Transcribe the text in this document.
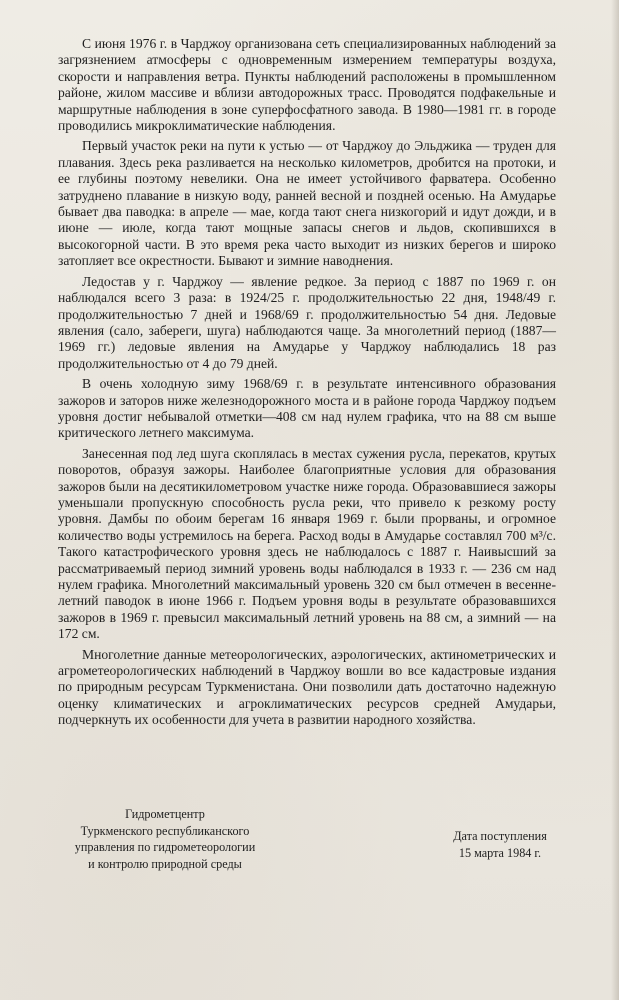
С июня 1976 г. в Чарджоу организована сеть специализированных наблюдений за загрязнением атмосферы с одновременным измерением температуры воздуха, скорости и направления ветра. Пункты наблюдений расположены в промышленном районе, жилом массиве и вблизи автодорожных трасс. Проводятся подфакельные и маршрутные наблюдения в зоне суперфосфатного завода. В 1980—1981 гг. в городе проводились микроклиматические наблюдения.

Первый участок реки на пути к устью — от Чарджоу до Эльджика — труден для плавания. Здесь река разливается на несколько километров, дробится на протоки, и ее глубины поэтому невелики. Она не имеет устойчивого фарватера. Особенно затруднено плавание в низкую воду, ранней весной и поздней осенью. На Амударье бывает два паводка: в апреле — мае, когда тают снега низкогорий и идут дожди, и в июне — июле, когда тают мощные запасы снегов и льдов, скопившихся в высокогорной части. В это время река часто выходит из низких берегов и широко затопляет все окрестности. Бывают и зимние наводнения.

Ледостав у г. Чарджоу — явление редкое. За период с 1887 по 1969 г. он наблюдался всего 3 раза: в 1924/25 г. продолжительностью 22 дня, 1948/49 г. продолжительностью 7 дней и 1968/69 г. продолжительностью 54 дня. Ледовые явления (сало, забереги, шуга) наблюдаются чаще. За многолетний период (1887—1969 гг.) ледовые явления на Амударье у Чарджоу наблюдались 18 раз продолжительностью от 4 до 79 дней.

В очень холодную зиму 1968/69 г. в результате интенсивного образования зажоров и заторов ниже железнодорожного моста и в районе города Чарджоу подъем уровня достиг небывалой отметки—408 см над нулем графика, что на 88 см выше критического летнего максимума.

Занесенная под лед шуга скоплялась в местах сужения русла, перекатов, крутых поворотов, образуя зажоры. Наиболее благоприятные условия для образования зажоров были на десятикилометровом участке ниже города. Образовавшиеся зажоры уменьшали пропускную способность русла реки, что привело к резкому росту уровня. Дамбы по обоим берегам 16 января 1969 г. были прорваны, и огромное количество воды устремилось на берега. Расход воды в Амударье составлял 700 м³/с. Такого катастрофического уровня здесь не наблюдалось с 1887 г. Наивысший за рассматриваемый период зимний уровень воды наблюдался в 1933 г. — 236 см над нулем графика. Многолетний максимальный уровень 320 см был отмечен в весенне-летний паводок в июне 1966 г. Подъем уровня воды в результате образовавшихся зажоров в 1969 г. превысил максимальный летний уровень на 88 см, а зимний — на 172 см.

Многолетние данные метеорологических, аэрологических, актинометрических и агрометеорологических наблюдений в Чарджоу вошли во все кадастровые издания по природным ресурсам Туркменистана. Они позволили дать достаточно надежную оценку климатических и агроклиматических ресурсов средней Амударьи, подчеркнуть их особенности для учета в развитии народного хозяйства.

Гидрометцентр
Туркменского республиканского
управления по гидрометеорологии
и контролю природной среды
Дата поступления
15 марта 1984 г.
